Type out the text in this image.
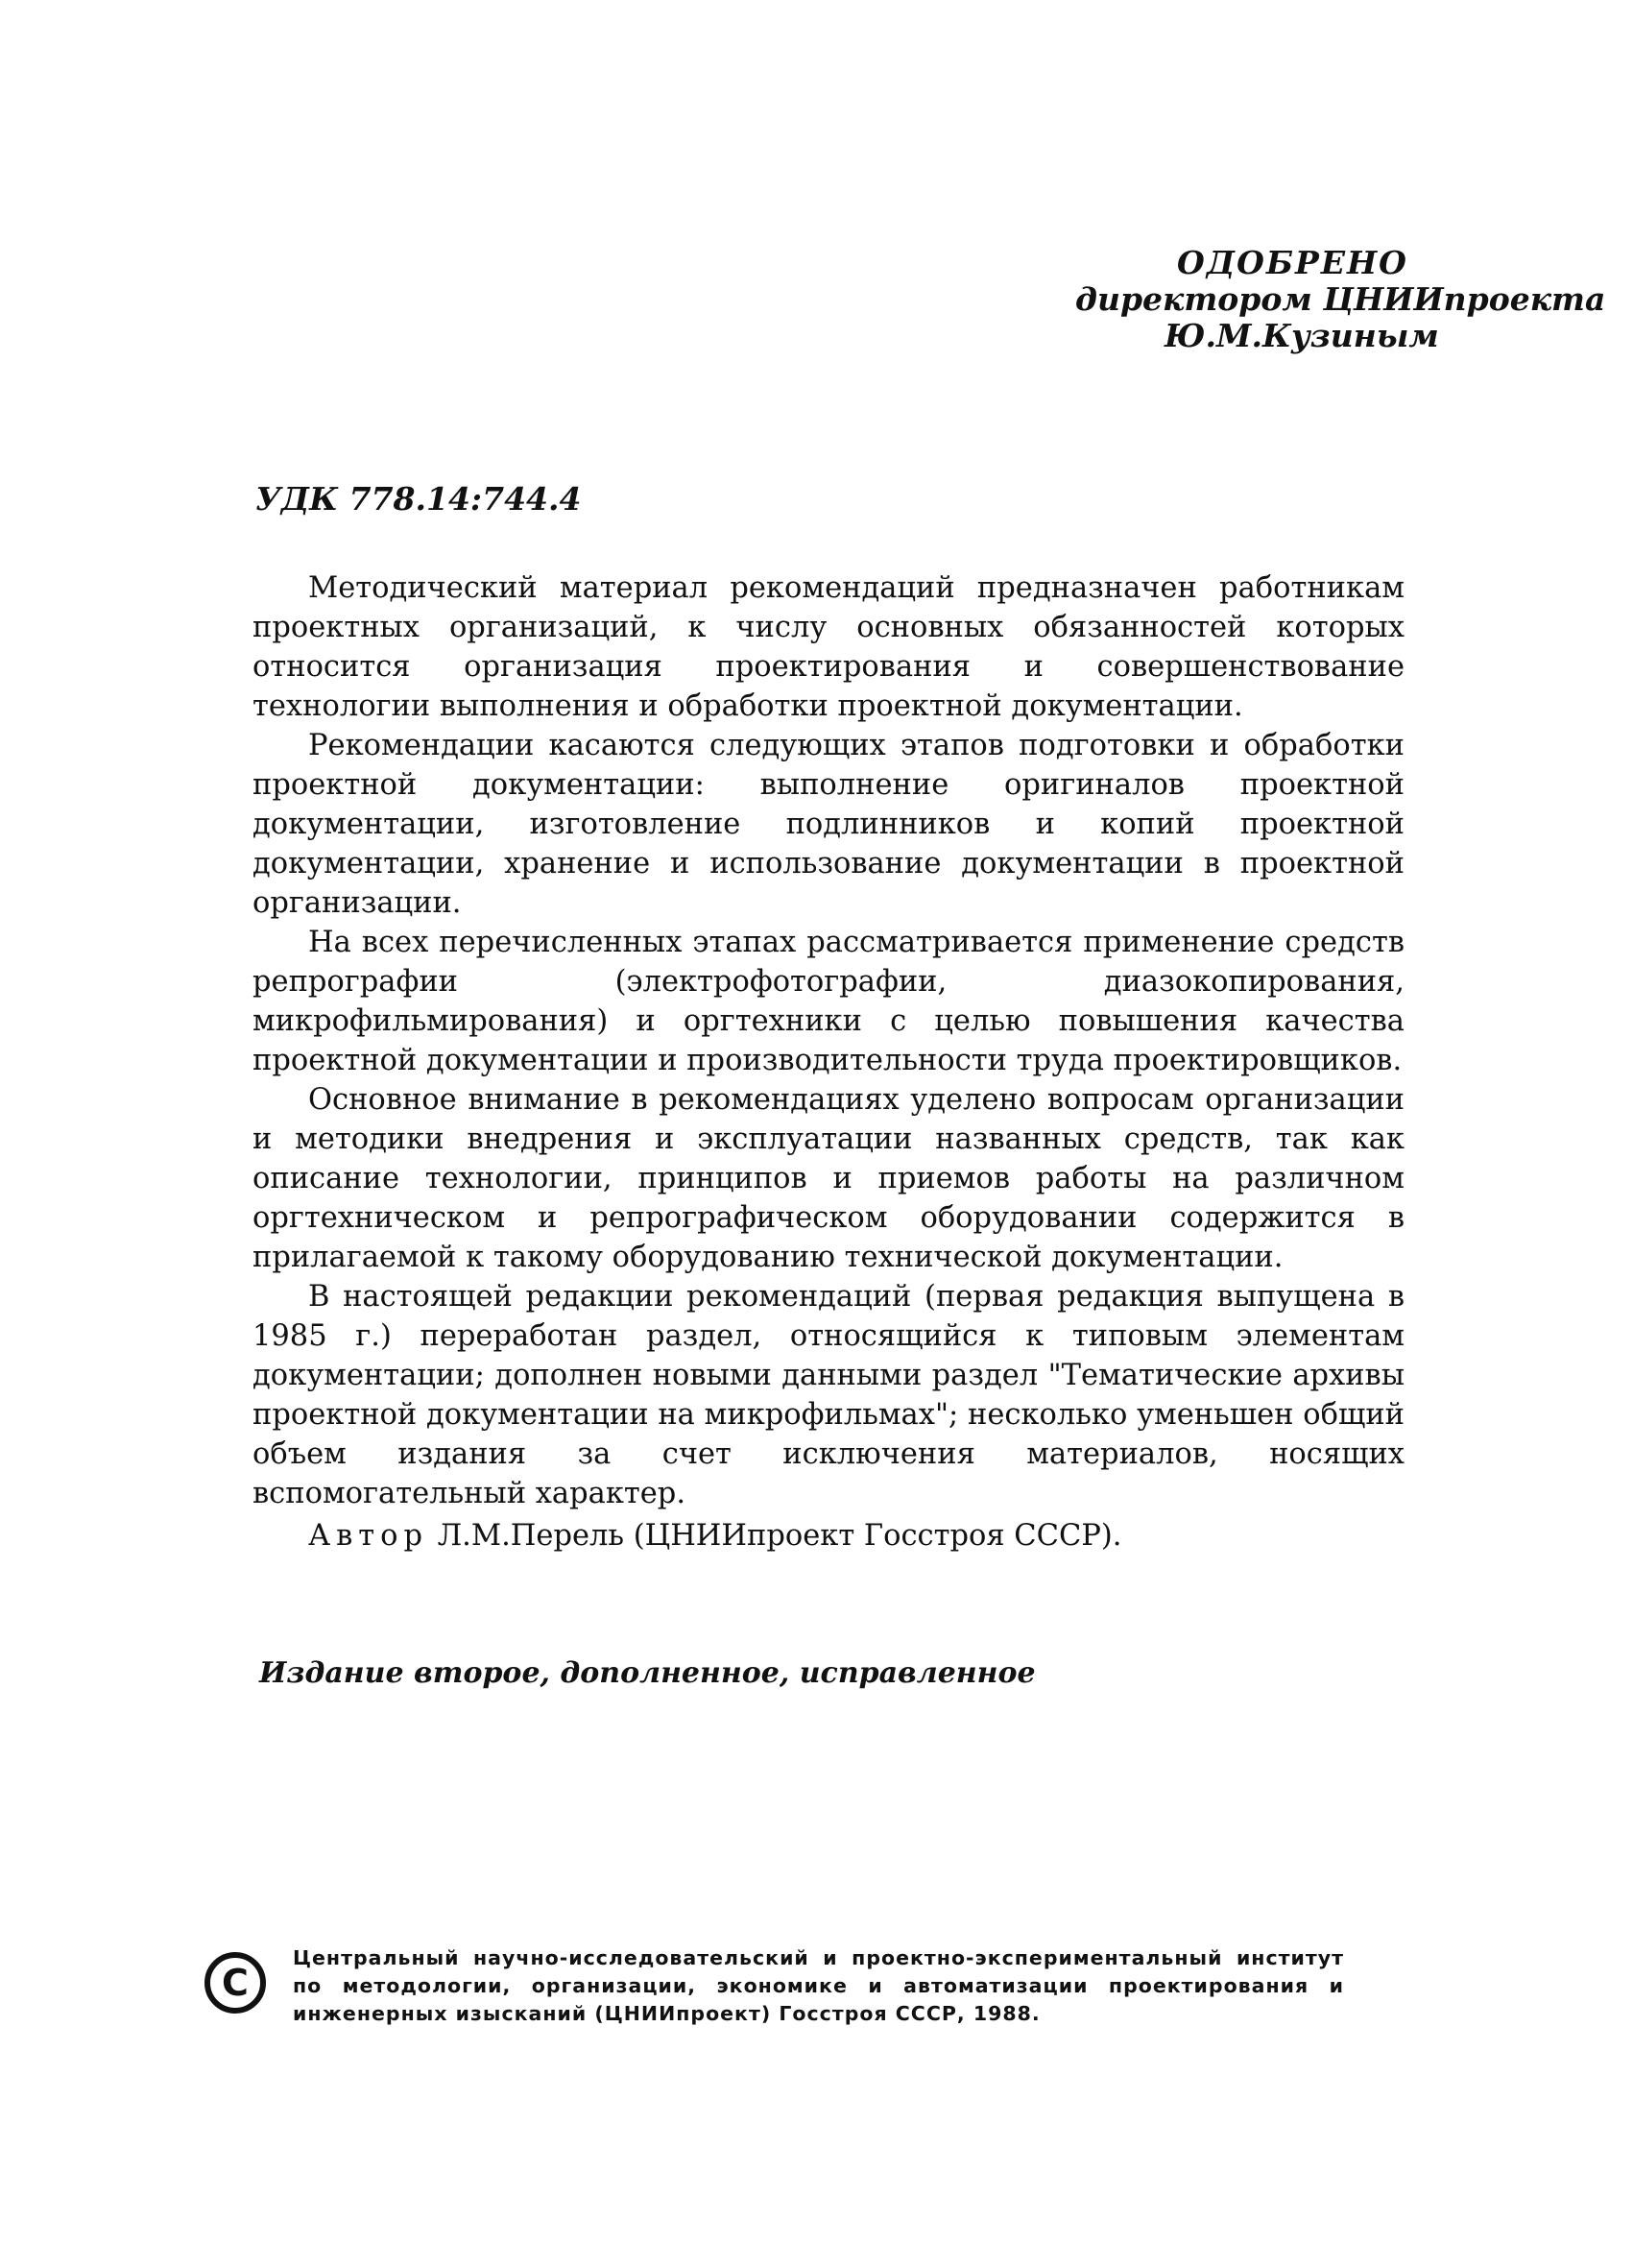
ОДОБРЕНО
директором ЦНИИпроекта
Ю.М.Кузиным
УДК 778.14:744.4

Методический материал рекомендаций предназначен работникам проектных организаций, к числу основных обязанностей которых относится организация проектирования и совершенствование технологии выполнения и обработки проектной документации.

Рекомендации касаются следующих этапов подготовки и обработки проектной документации: выполнение оригиналов проектной документации, изготовление подлинников и копий проектной документации, хранение и использование документации в проектной организации.

На всех перечисленных этапах рассматривается применение средств репрографии (электрофотографии, диазокопирования, микрофильмирования) и оргтехники с целью повышения качества проектной документации и производительности труда проектировщиков.

Основное внимание в рекомендациях уделено вопросам организации и методики внедрения и эксплуатации названных средств, так как описание технологии, принципов и приемов работы на различном оргтехническом и репрографическом оборудовании содержится в прилагаемой к такому оборудованию технической документации.

В настоящей редакции рекомендаций (первая редакция выпущена в 1985 г.) переработан раздел, относящийся к типовым элементам документации; дополнен новыми данными раздел "Тематические архивы проектной документации на микрофильмах"; несколько уменьшен общий объем издания за счет исключения материалов, носящих вспомогательный характер.

Автор Л.М.Перель (ЦНИИпроект Госстроя СССР).

Издание второе, дополненное, исправленное
C
Центральный научно-исследовательский и проектно-экспериментальный институт по методологии, организации, экономике и автоматизации проектирования и инженерных изысканий (ЦНИИпроект) Госстроя СССР, 1988.
